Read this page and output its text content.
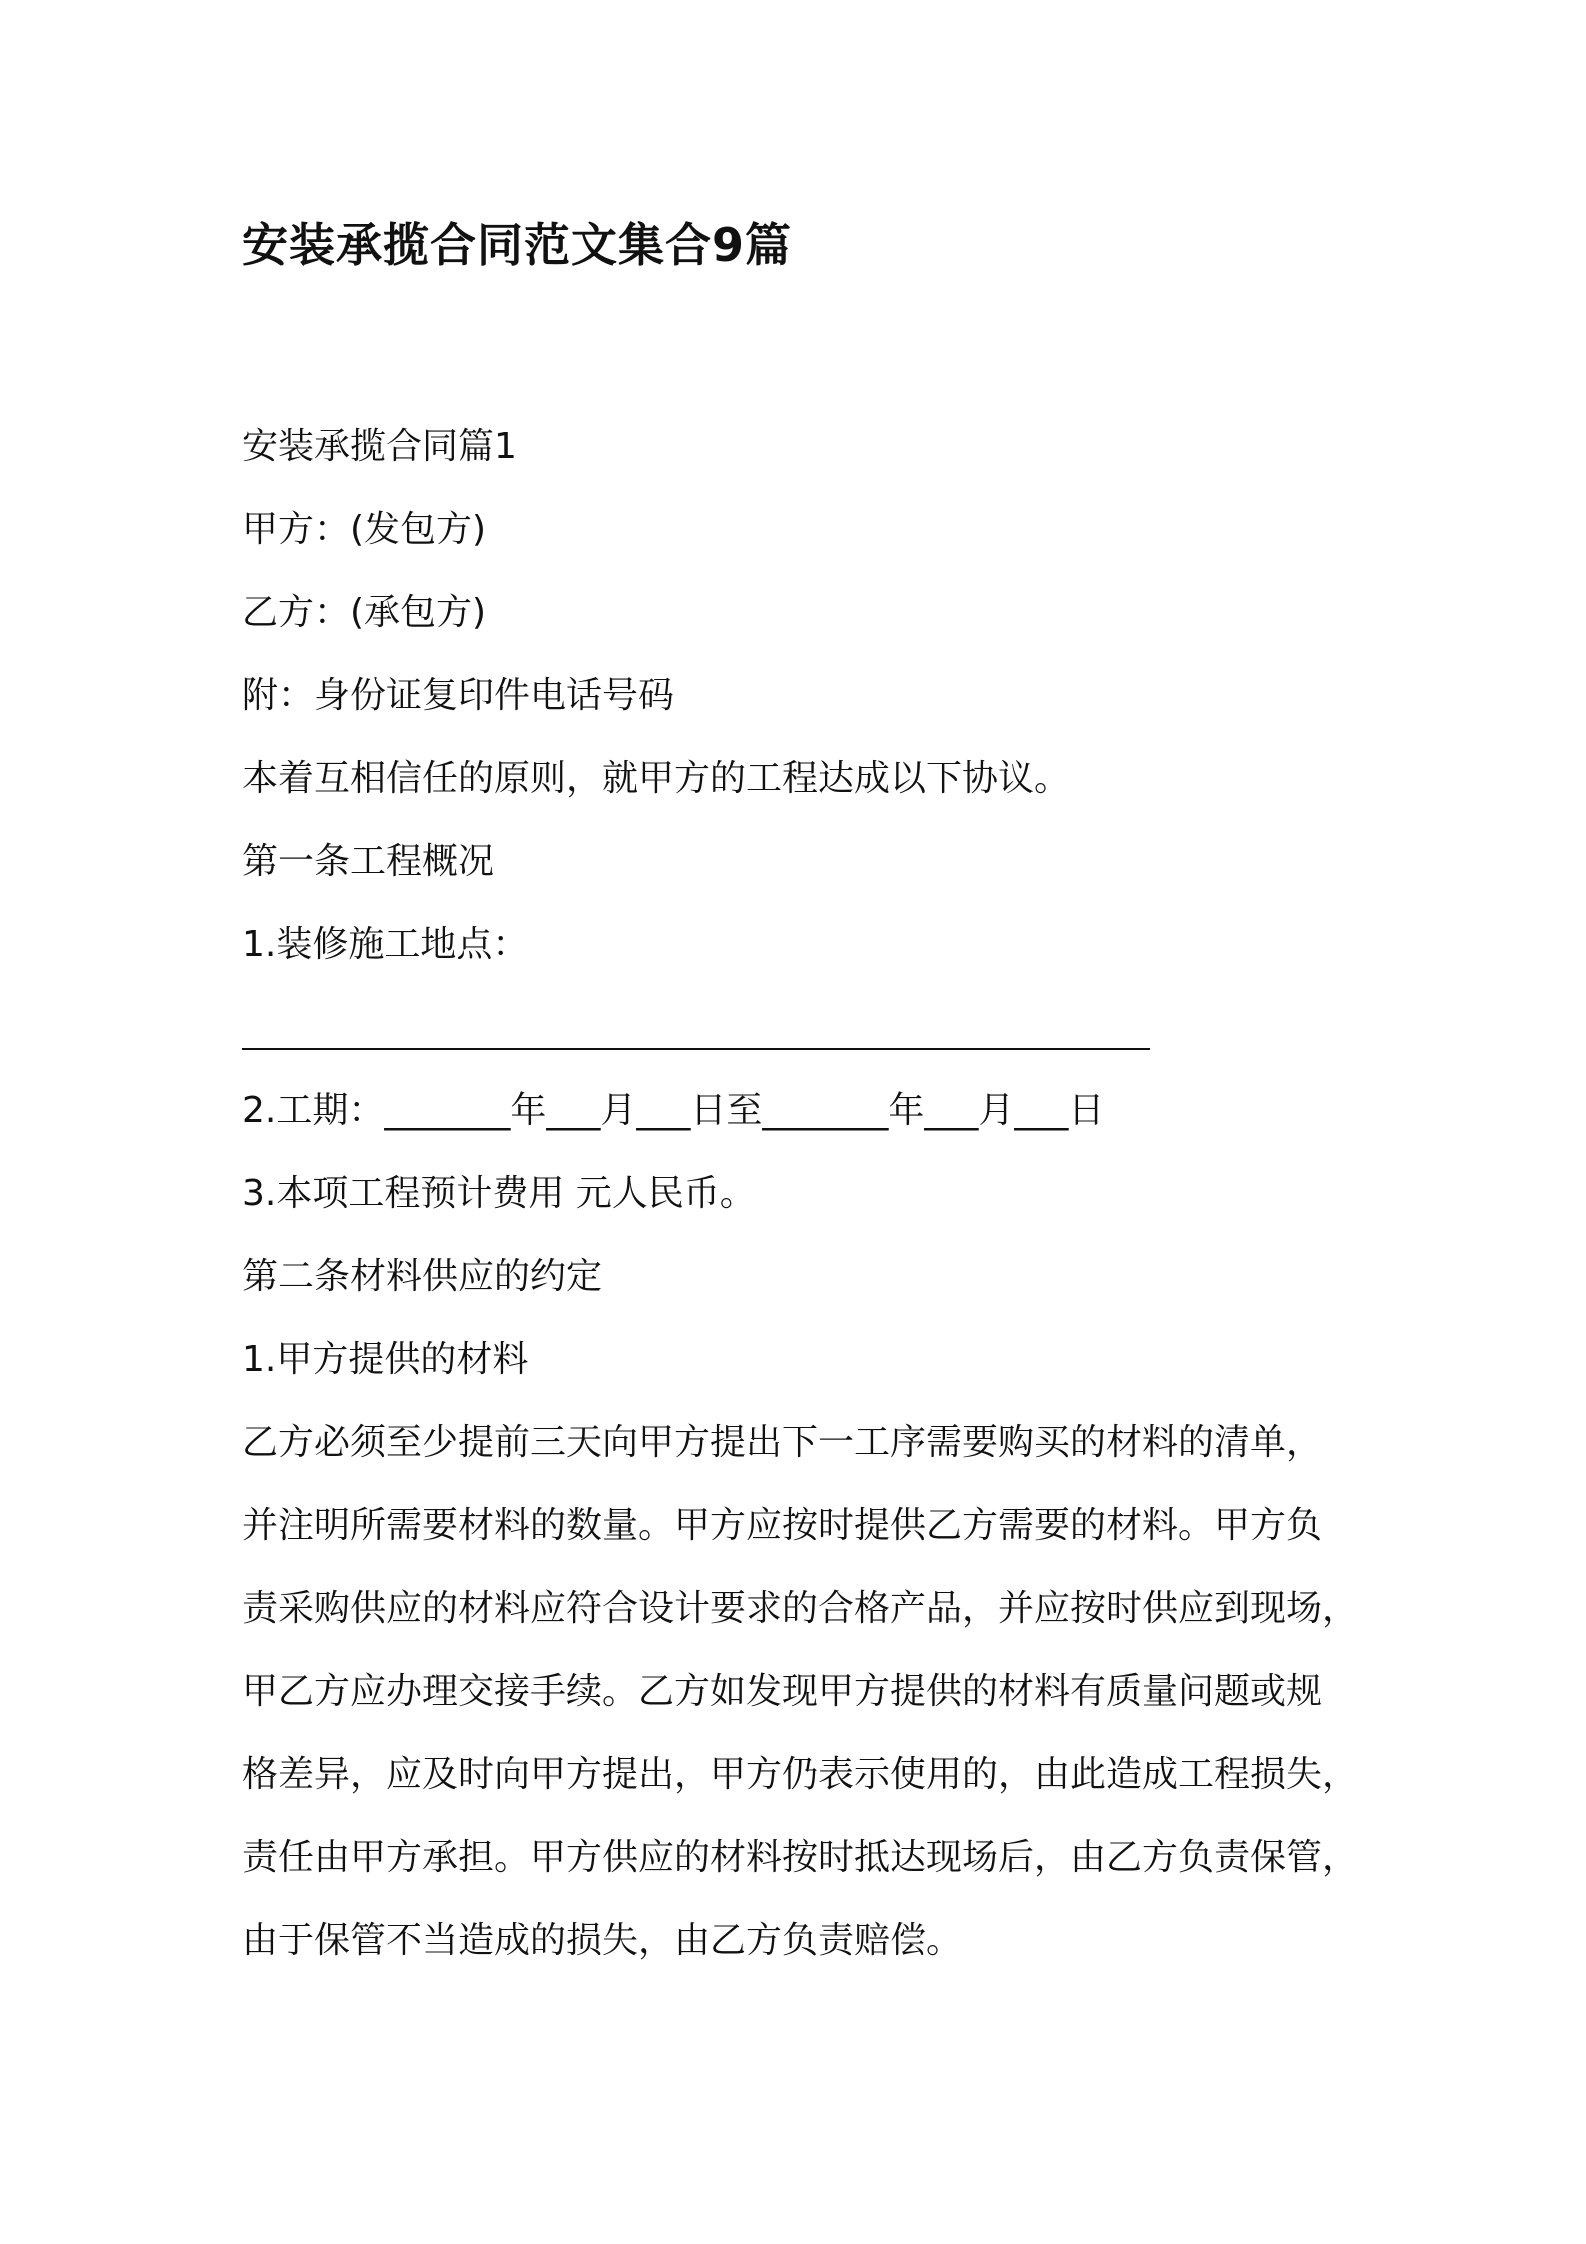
安装承揽合同范文集合9篇
安装承揽合同篇1
甲方：(发包方)
乙方：(承包方)
附：身份证复印件电话号码
本着互相信任的原则，就甲方的工程达成以下协议。
第一条工程概况
1.装修施工地点：
2.工期：_______年___月___日至_______年___月___日
3.本项工程预计费用 元人民币。
第二条材料供应的约定
1.甲方提供的材料
乙方必须至少提前三天向甲方提出下一工序需要购买的材料的清单，
并注明所需要材料的数量。甲方应按时提供乙方需要的材料。甲方负
责采购供应的材料应符合设计要求的合格产品，并应按时供应到现场，
甲乙方应办理交接手续。乙方如发现甲方提供的材料有质量问题或规
格差异，应及时向甲方提出，甲方仍表示使用的，由此造成工程损失，
责任由甲方承担。甲方供应的材料按时抵达现场后，由乙方负责保管，
由于保管不当造成的损失，由乙方负责赔偿。
